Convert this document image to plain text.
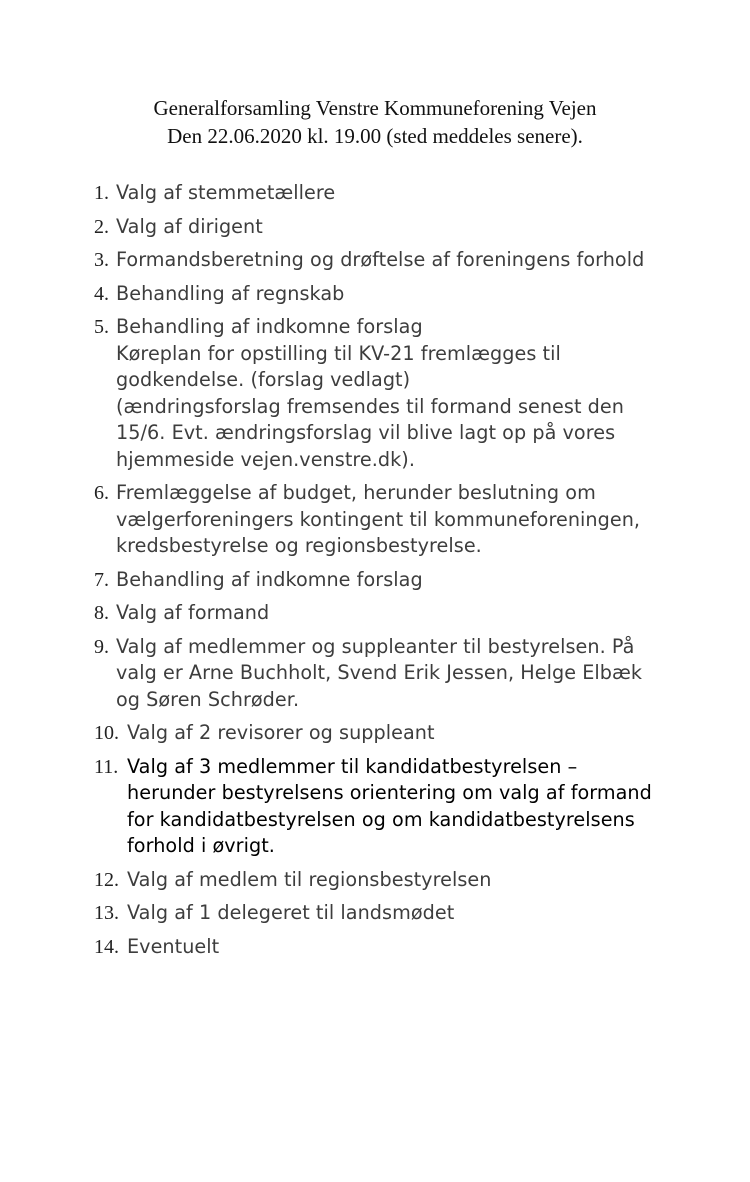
Generalforsamling Venstre Kommuneforening Vejen
Den 22.06.2020 kl. 19.00 (sted meddeles senere).
1. Valg af stemmetællere
2. Valg af dirigent
3. Formandsberetning og drøftelse af foreningens forhold
4. Behandling af regnskab
5. Behandling af indkomne forslag
Køreplan for opstilling til KV-21 fremlægges til
godkendelse. (forslag vedlagt)
(ændringsforslag fremsendes til formand senest den
15/6. Evt. ændringsforslag vil blive lagt op på vores
hjemmeside vejen.venstre.dk).
6. Fremlæggelse af budget, herunder beslutning om
vælgerforeningers kontingent til kommuneforeningen,
kredsbestyrelse og regionsbestyrelse.
7. Behandling af indkomne forslag
8. Valg af formand
9. Valg af medlemmer og suppleanter til bestyrelsen. På
valg er Arne Buchholt, Svend Erik Jessen, Helge Elbæk
og Søren Schrøder.
10. Valg af 2 revisorer og suppleant
11. Valg af 3 medlemmer til kandidatbestyrelsen –
herunder bestyrelsens orientering om valg af formand
for kandidatbestyrelsen og om kandidatbestyrelsens
forhold i øvrigt.
12. Valg af medlem til regionsbestyrelsen
13. Valg af 1 delegeret til landsmødet
14. Eventuelt
